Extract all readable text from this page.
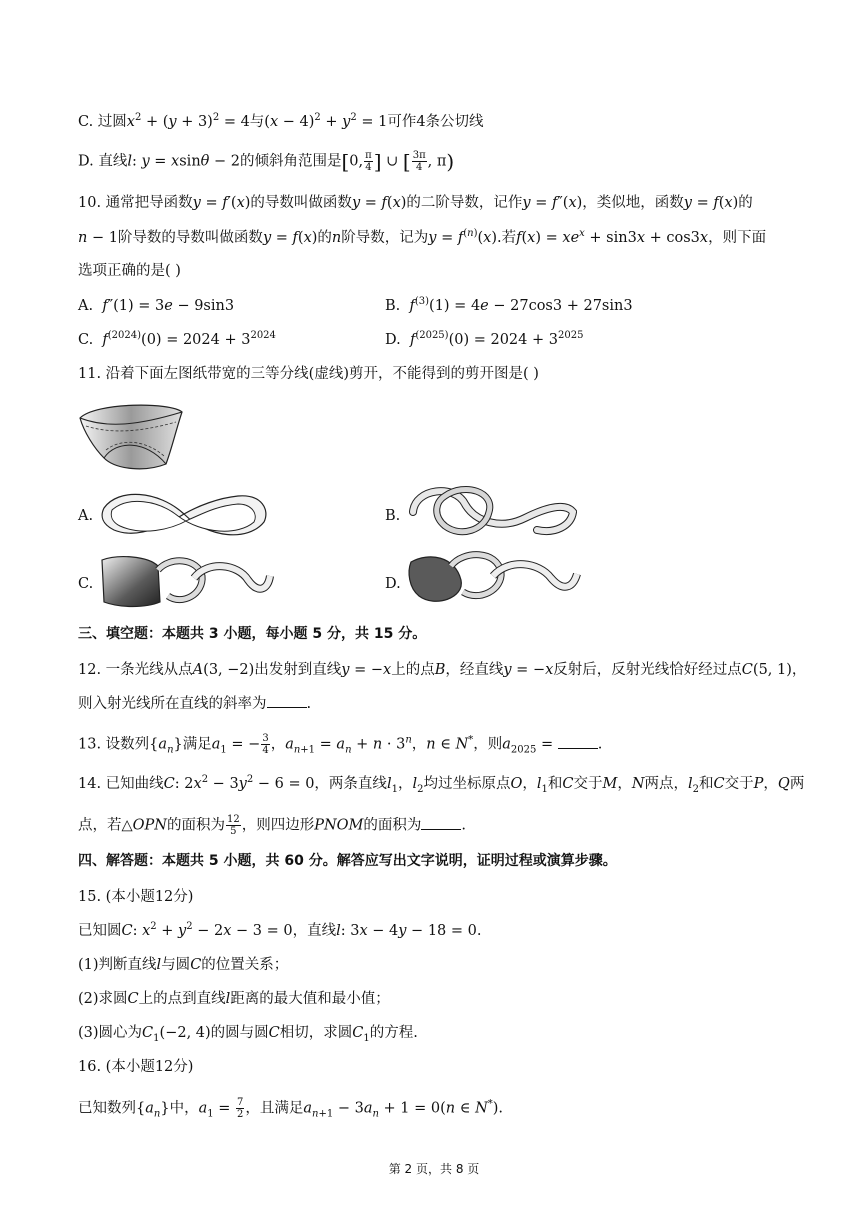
C. 过圆$x^2 + (y + 3)^2 = 4$与$(x - 4)^2 + y^2 = 1$可作4条公切线
D. 直线l: y = xsinθ − 2的倾斜角范围是[0, $\frac{\pi}{4}$ ] ∪ [ $\frac{3\pi}{4}$ , π)
10. 通常把导函数y = f′(x)的导数叫做函数y = f(x)的二阶导数，记作y = f″(x)，类似地，函数y = f(x)的
n − 1阶导数的导数叫做函数y = f(x)的n阶导数，记为$y = f^{(n)}(x)$.若$f(x) = xe^x + \sin 3x + \cos 3x$，则下面
选项正确的是( )
A.  f″(1) = 3e − 9sin3	B.  $f^{(3)}(1) = 4e - 27\cos 3 + 27\sin 3$
C.  $f^{(2024)}(0) = 2024 + 3^{2024}$	D.  $f^{(2025)}(0) = 2024 + 3^{2025}$
11. 沿着下面左图纸带宽的三等分线(虚线)剪开，不能得到的剪开图是( )
A.	B.
C.	D.
三、填空题：本题共 3 小题，每小题 5 分，共 15 分。
12. 一条光线从点A(3, −2)出发射到直线y = −x上的点B，经直线y = −x反射后，反射光线恰好经过点C(5, 1)，
则入射光线所在直线的斜率为	.
13. 设数列$\{a_n\}$满足$a_1$ = − $\frac{3}{4}$ ，$a_{n+1} = a_n + n \cdot 3^n$，n ∈ N*，则$a_{2025}$ =	.
14. 已知曲线C: $2x^2 - 3y^2 - 6 = 0$，两条直线$l_1$，$l_2$均过坐标原点O，$l_1$和C交于M，N两点，$l_2$和C交于P，Q两
点，若△OPN的面积为 $\frac{12}{5}$ ，则四边形PNOM的面积为	.
四、解答题：本题共 5 小题，共 60 分。解答应写出文字说明，证明过程或演算步骤。
15. (本小题12分)
已知圆C: $x^2 + y^2 - 2x - 3 = 0$，直线l: 3x − 4y − 18 = 0.
(1)判断直线l与圆C的位置关系；
(2)求圆C上的点到直线l距离的最大值和最小值；
(3)圆心为$C_1(-2$, 4)的圆与圆C相切，求圆$C_1$的方程.
16. (本小题12分)
已知数列$\{a_n\}$中，$a_1 = \frac{7}{2}$ ，且满足$a_{n+1} - 3a_n + 1 = 0(n$ ∈ N*).
第 2 页，共 8 页
